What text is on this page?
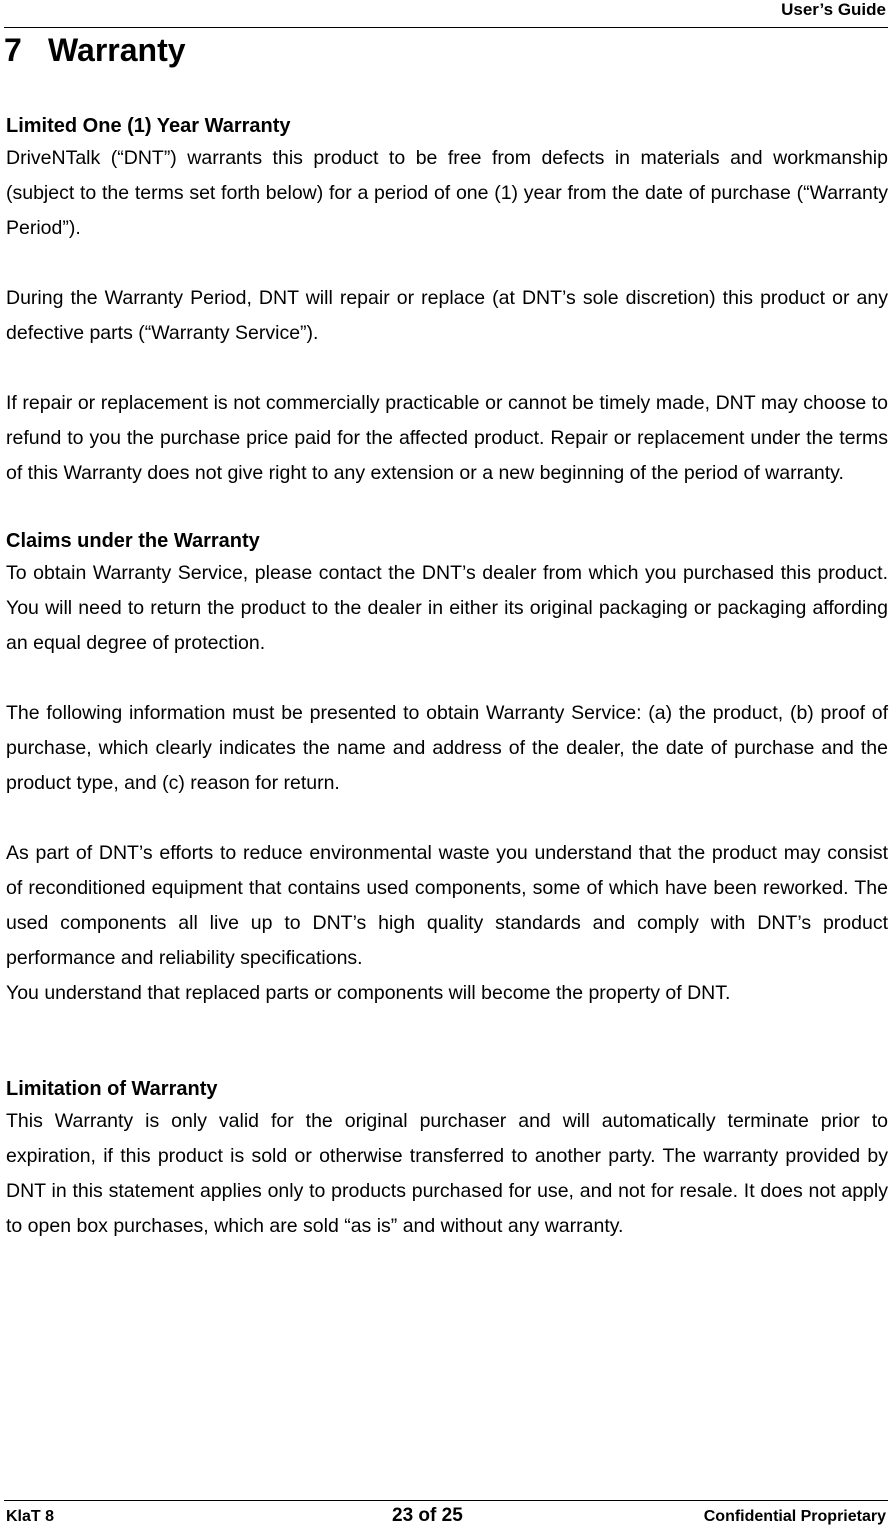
User’s Guide
7 Warranty
Limited One (1) Year Warranty

DriveNTalk (“DNT”) warrants this product to be free from defects in materials and workmanship (subject to the terms set forth below) for a period of one (1) year from the date of purchase (“Warranty Period”).

During the Warranty Period, DNT will repair or replace (at DNT’s sole discretion) this product or any defective parts (“Warranty Service”).

If repair or replacement is not commercially practicable or cannot be timely made, DNT may choose to refund to you the purchase price paid for the affected product. Repair or replacement under the terms of this Warranty does not give right to any extension or a new beginning of the period of warranty.

Claims under the Warranty

To obtain Warranty Service, please contact the DNT’s dealer from which you purchased this product. You will need to return the product to the dealer in either its original packaging or packaging affording an equal degree of protection.

The following information must be presented to obtain Warranty Service: (a) the product, (b) proof of purchase, which clearly indicates the name and address of the dealer, the date of purchase and the product type, and (c) reason for return.

As part of DNT’s efforts to reduce environmental waste you understand that the product may consist of reconditioned equipment that contains used components, some of which have been reworked. The used components all live up to DNT’s high quality standards and comply with DNT’s product performance and reliability specifications.

You understand that replaced parts or components will become the property of DNT.

Limitation of Warranty

This Warranty is only valid for the original purchaser and will automatically terminate prior to expiration, if this product is sold or otherwise transferred to another party. The warranty provided by DNT in this statement applies only to products purchased for use, and not for resale. It does not apply to open box purchases, which are sold “as is” and without any warranty.

KlaT 8	23 of 25	Confidential Proprietary
